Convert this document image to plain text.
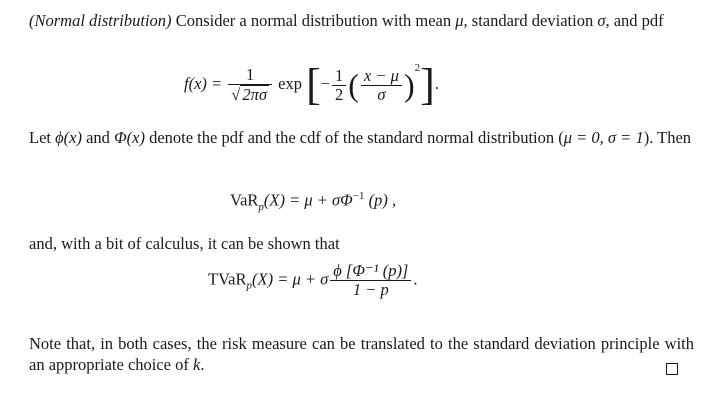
(Normal distribution) Consider a normal distribution with mean μ, standard deviation σ, and pdf

$f(x) = \frac{1}{√ 2\pi\sigma}$ exp [− $\frac{1}{2}$ ( $\frac{x - \mu}{\sigma} )^2$].

Let ϕ(x) and Φ(x) denote the pdf and the cdf of the standard normal distribution (μ = 0, σ = 1). Then

$VaR_p(X) = \mu + \sigma\Phi^{-1}$ (p) ,

and, with a bit of calculus, it can be shown that

TVaR$_p$(X) = μ + σ $\frac{\text{ϕ [Φ⁻¹ (p)]}}{1 - p}$ .

Note that, in both cases, the risk measure can be translated to the standard deviation principle with an appropriate choice of k.
